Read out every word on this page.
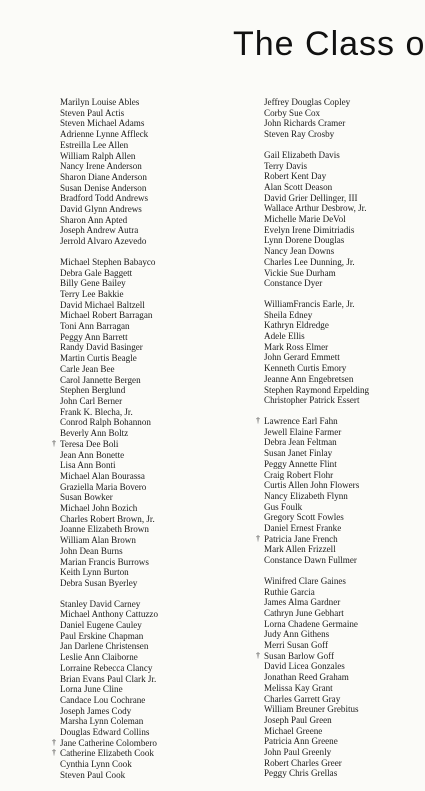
The Class o
Marilyn Louise Ables
Steven Paul Actis
Steven Michael Adams
Adrienne Lynne Affleck
Estreilla Lee Allen
William Ralph Allen
Nancy Irene Anderson
Sharon Diane Anderson
Susan Denise Anderson
Bradford Todd Andrews
David Glynn Andrews
Sharon Ann Apted
Joseph Andrew Autra
Jerrold Alvaro Azevedo
Michael Stephen Babayco
Debra Gale Baggett
Billy Gene Bailey
Terry Lee Bakkie
David Michael Baltzell
Michael Robert Barragan
Toni Ann Barragan
Peggy Ann Barrett
Randy David Basinger
Martin Curtis Beagle
Carle Jean Bee
Carol Jannette Bergen
Stephen Berglund
John Carl Berner
Frank K. Blecha, Jr.
Conrod Ralph Bohannon
Beverly Ann Boltz
† Teresa Dee Boli
Jean Ann Bonette
Lisa Ann Bonti
Michael Alan Bourassa
Graziella Maria Bovero
Susan Bowker
Michael John Bozich
Charles Robert Brown, Jr.
Joanne Elizabeth Brown
William Alan Brown
John Dean Burns
Marian Francis Burrows
Keith Lynn Burton
Debra Susan Byerley
Stanley David Carney
Michael Anthony Cattuzzo
Daniel Eugene Cauley
Paul Erskine Chapman
Jan Darlene Christensen
Leslie Ann Claiborne
Lorraine Rebecca Clancy
Brian Evans Paul Clark Jr.
Lorna June Cline
Candace Lou Cochrane
Joseph James Cody
Marsha Lynn Coleman
Douglas Edward Collins
† Jane Catherine Colombero
† Catherine Elizabeth Cook
Cynthia Lynn Cook
Steven Paul Cook
Jeffrey Douglas Copley
Corby Sue Cox
John Richards Cramer
Steven Ray Crosby
Gail Elizabeth Davis
Terry Davis
Robert Kent Day
Alan Scott Deason
David Grier Dellinger, III
Wallace Arthur Desbrow, Jr.
Michelle Marie DeVol
Evelyn Irene Dimitriadis
Lynn Dorene Douglas
Nancy Jean Downs
Charles Lee Dunning, Jr.
Vickie Sue Durham
Constance Dyer
WilliamFrancis Earle, Jr.
Sheila Edney
Kathryn Eldredge
Adele Ellis
Mark Ross Elmer
John Gerard Emmett
Kenneth Curtis Emory
Jeanne Ann Engebretsen
Stephen Raymond Erpelding
Christopher Patrick Essert
† Lawrence Earl Fahn
Jewell Elaine Farmer
Debra Jean Feltman
Susan Janet Finlay
Peggy Annette Flint
Craig Robert Flohr
Curtis Allen John Flowers
Nancy Elizabeth Flynn
Gus Foulk
Gregory Scott Fowles
Daniel Ernest Franke
† Patricia Jane French
Mark Allen Frizzell
Constance Dawn Fullmer
Winifred Clare Gaines
Ruthie Garcia
James Alma Gardner
Cathryn June Gebhart
Lorna Chadene Germaine
Judy Ann Githens
Merri Susan Goff
† Susan Barlow Goff
David Licea Gonzales
Jonathan Reed Graham
Melissa Kay Grant
Charles Garrett Gray
William Breuner Grebitus
Joseph Paul Green
Michael Greene
Patricia Ann Greene
John Paul Greenly
Robert Charles Greer
Peggy Chris Grellas
